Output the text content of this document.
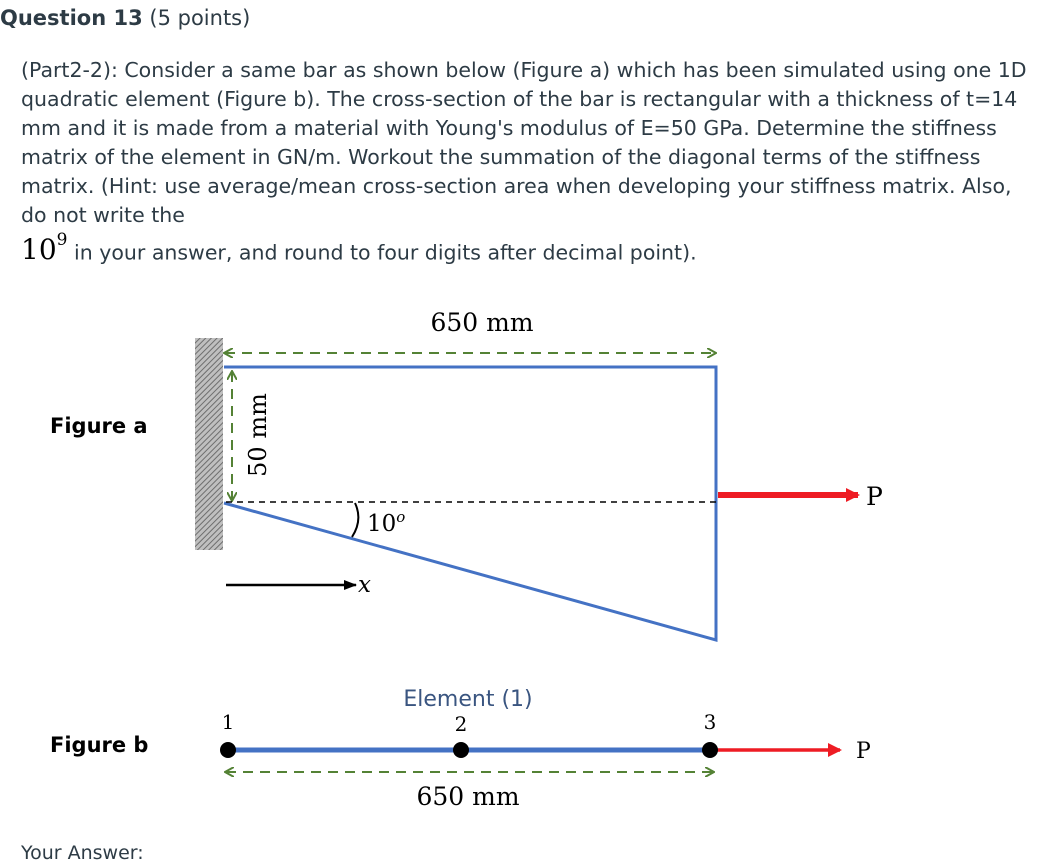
Question 13 (5 points)
(Part2-2): Consider a same bar as shown below (Figure a) which has been simulated using one 1D quadratic element (Figure b). The cross-section of the bar is rectangular with a thickness of t=14 mm and it is made from a material with Young's modulus of E=50 GPa. Determine the stiffness matrix of the element in GN/m. Workout the summation of the diagonal terms of the stiffness matrix. (Hint: use average/mean cross-section area when developing your stiffness matrix. Also, do not write the
$10^9$ in your answer, and round to four digits after decimal point).
Figure a
Figure b
650 mm
50 mm
10$^o$
P
x
Element (1)
P
1	2	3
650 mm
Your Answer:
